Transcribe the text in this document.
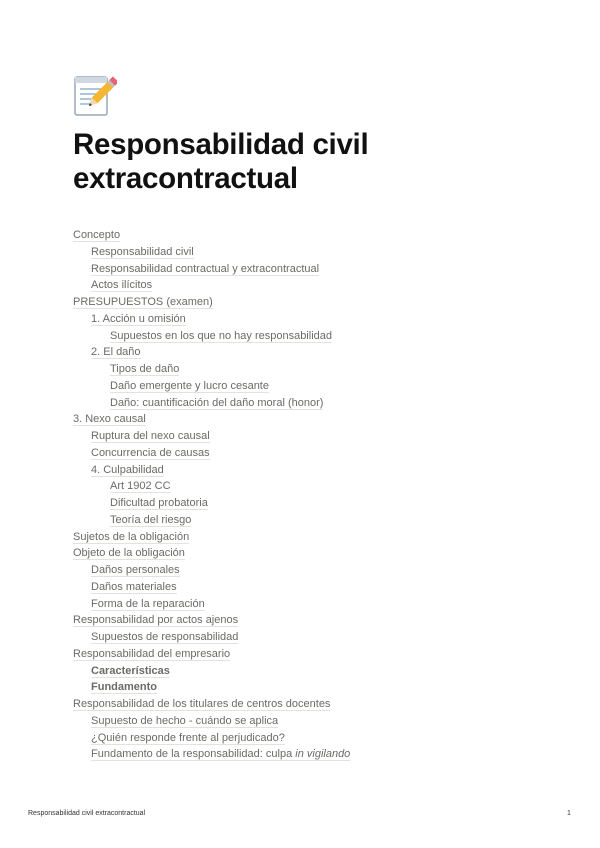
Responsabilidad civil extracontractual
Concepto
Responsabilidad civil
Responsabilidad contractual y extracontractual
Actos ilícitos
PRESUPUESTOS (examen)
1. Acción u omisión
Supuestos en los que no hay responsabilidad
2. El daño
Tipos de daño
Daño emergente y lucro cesante
Daño: cuantificación del daño moral (honor)
3. Nexo causal
Ruptura del nexo causal
Concurrencia de causas
4. Culpabilidad
Art 1902 CC
Dificultad probatoria
Teoría del riesgo
Sujetos de la obligación
Objeto de la obligación
Daños personales
Daños materiales
Forma de la reparación
Responsabilidad por actos ajenos
Supuestos de responsabilidad
Responsabilidad del empresario
Características
Fundamento
Responsabilidad de los titulares de centros docentes
Supuesto de hecho - cuándo se aplica
¿Quién responde frente al perjudicado?
Fundamento de la responsabilidad: culpa in vigilando
Responsabilidad civil extracontractual	1
